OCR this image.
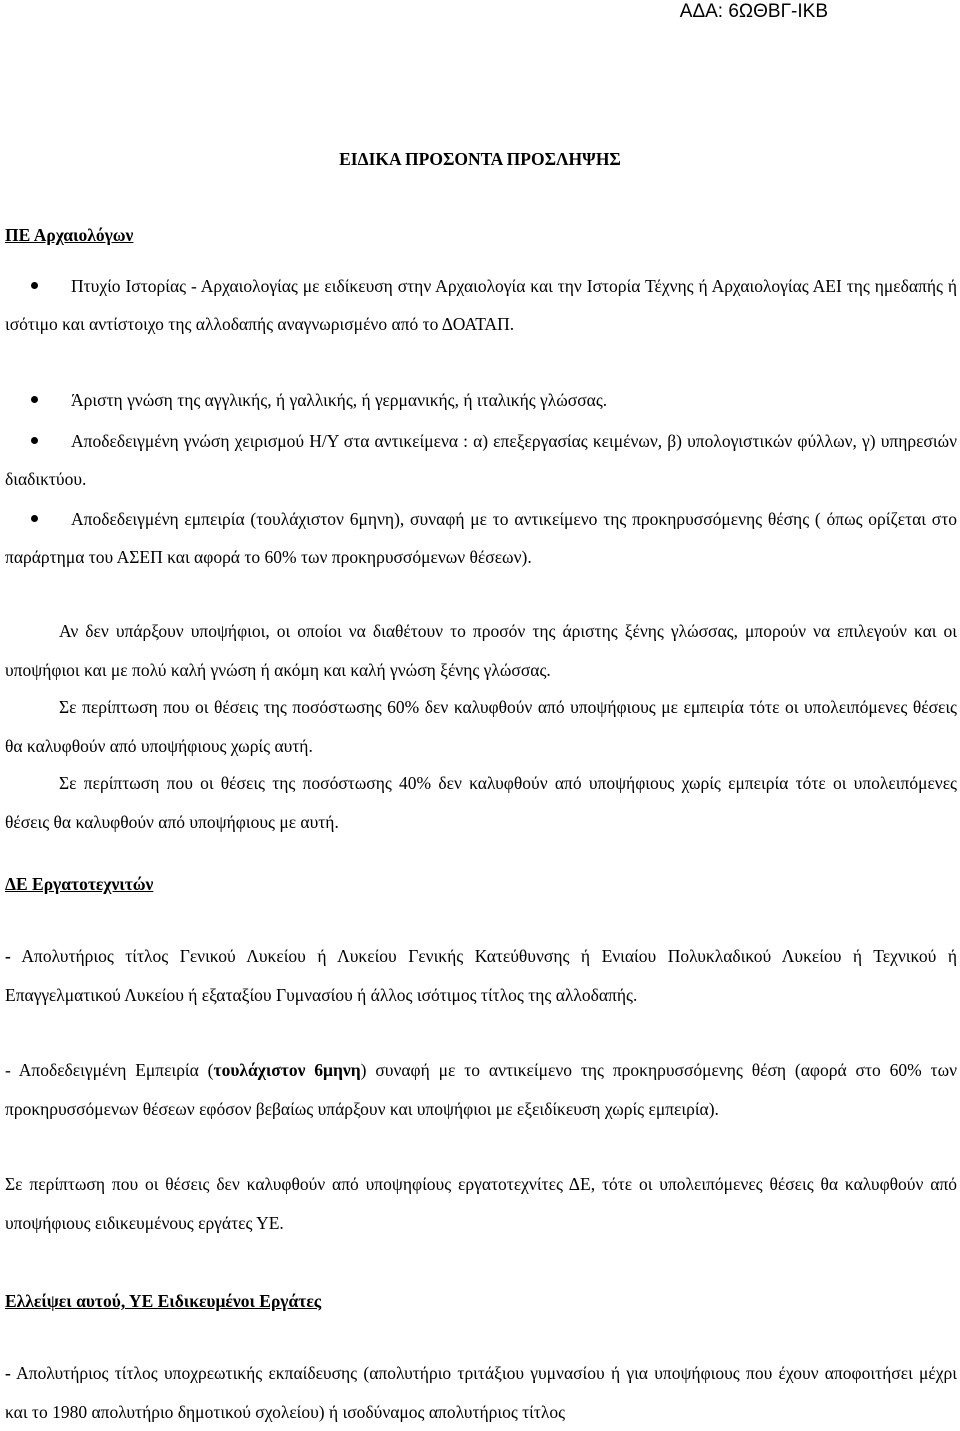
ΑΔΑ: 6ΩΘΒΓ-ΙΚΒ
ΕΙΔΙΚΑ ΠΡΟΣΟΝΤΑ ΠΡΟΣΛΗΨΗΣ
ΠΕ Αρχαιολόγων

Πτυχίο Ιστορίας - Αρχαιολογίας με ειδίκευση στην Αρχαιολογία και την Ιστορία Τέχνης ή Αρχαιολογίας ΑΕΙ της ημεδαπής ή ισότιμο και αντίστοιχο της αλλοδαπής αναγνωρισμένο από το ΔΟΑΤΑΠ.

Άριστη γνώση της αγγλικής, ή γαλλικής, ή γερμανικής, ή ιταλικής γλώσσας.

Αποδεδειγμένη γνώση χειρισμού Η/Υ στα αντικείμενα : α) επεξεργασίας κειμένων, β) υπολογιστικών φύλλων, γ) υπηρεσιών διαδικτύου.

Αποδεδειγμένη εμπειρία (τουλάχιστον 6μηνη), συναφή με το αντικείμενο της προκηρυσσόμενης θέσης ( όπως ορίζεται στο παράρτημα του ΑΣΕΠ και αφορά το 60% των προκηρυσσόμενων θέσεων).

Αν δεν υπάρξουν υποψήφιοι, οι οποίοι να διαθέτουν το προσόν της άριστης ξένης γλώσσας, μπορούν να επιλεγούν και οι υποψήφιοι και με πολύ καλή γνώση ή ακόμη και καλή γνώση ξένης γλώσσας.

Σε περίπτωση που οι θέσεις της ποσόστωσης 60% δεν καλυφθούν από υποψήφιους με εμπειρία τότε οι υπολειπόμενες θέσεις θα καλυφθούν από υποψήφιους χωρίς αυτή.

Σε περίπτωση που οι θέσεις της ποσόστωσης 40% δεν καλυφθούν από υποψήφιους χωρίς εμπειρία τότε οι υπολειπόμενες θέσεις θα καλυφθούν από υποψήφιους με αυτή.

ΔΕ Εργατοτεχνιτών

- Απολυτήριος τίτλος Γενικού Λυκείου ή Λυκείου Γενικής Κατεύθυνσης ή Ενιαίου Πολυκλαδικού Λυκείου ή Τεχνικού ή Επαγγελματικού Λυκείου ή εξαταξίου Γυμνασίου ή άλλος ισότιμος τίτλος της αλλοδαπής.

- Αποδεδειγμένη Εμπειρία (τουλάχιστον 6μηνη) συναφή με το αντικείμενο της προκηρυσσόμενης θέση (αφορά στο 60% των προκηρυσσόμενων θέσεων εφόσον βεβαίως υπάρξουν και υποψήφιοι με εξειδίκευση χωρίς εμπειρία).

Σε περίπτωση που οι θέσεις δεν καλυφθούν από υποψηφίους εργατοτεχνίτες ΔΕ, τότε οι υπολειπόμενες θέσεις θα καλυφθούν από υποψήφιους ειδικευμένους εργάτες ΥΕ.

Ελλείψει αυτού, ΥΕ Ειδικευμένοι Εργάτες

- Απολυτήριος τίτλος υποχρεωτικής εκπαίδευσης (απολυτήριο τριτάξιου γυμνασίου ή για υποψήφιους που έχουν αποφοιτήσει μέχρι και το 1980 απολυτήριο δημοτικού σχολείου) ή ισοδύναμος απολυτήριος τίτλος
